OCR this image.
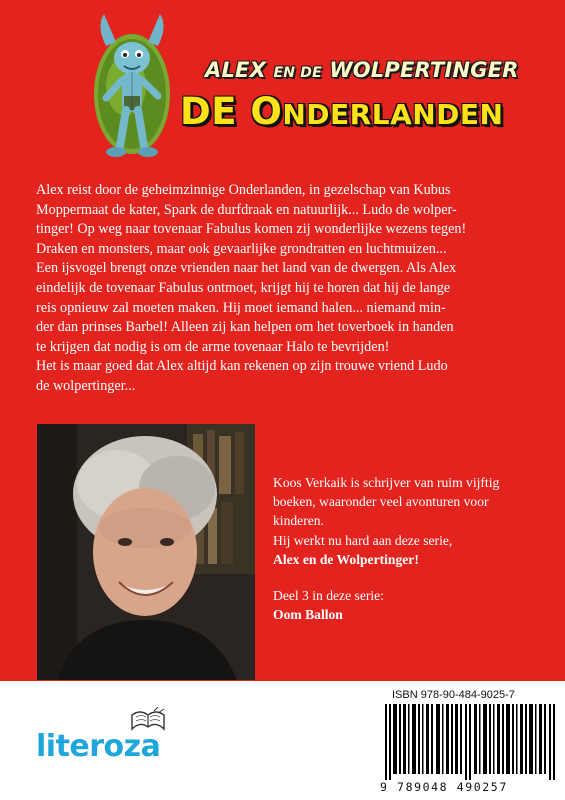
ALEX EN DE WOLPERTINGER
DE ONDERLANDEN

Alex reist door de geheimzinnige Onderlanden, in gezelschap van Kubus

Moppermaat de kater, Spark de durfdraak en natuurlijk... Ludo de wolper-

tinger! Op weg naar tovenaar Fabulus komen zij wonderlijke wezens tegen!

Draken en monsters, maar ook gevaarlijke grondratten en luchtmuizen...

Een ijsvogel brengt onze vrienden naar het land van de dwergen. Als Alex

eindelijk de tovenaar Fabulus ontmoet, krijgt hij te horen dat hij de lange

reis opnieuw zal moeten maken. Hij moet iemand halen... niemand min-

der dan prinses Barbel! Alleen zij kan helpen om het toverboek in handen

te krijgen dat nodig is om de arme tovenaar Halo te bevrijden!

Het is maar goed dat Alex altijd kan rekenen op zijn trouwe vriend Ludo

de wolpertinger...

Koos Verkaik is schrijver van ruim vijftig

boeken, waaronder veel avonturen voor

kinderen.

Hij werkt nu hard aan deze serie,

Alex en de Wolpertinger!

Deel 3 in deze serie:

Oom Ballon

literoza
ISBN 978-90-484-9025-7
9 789048 490257
